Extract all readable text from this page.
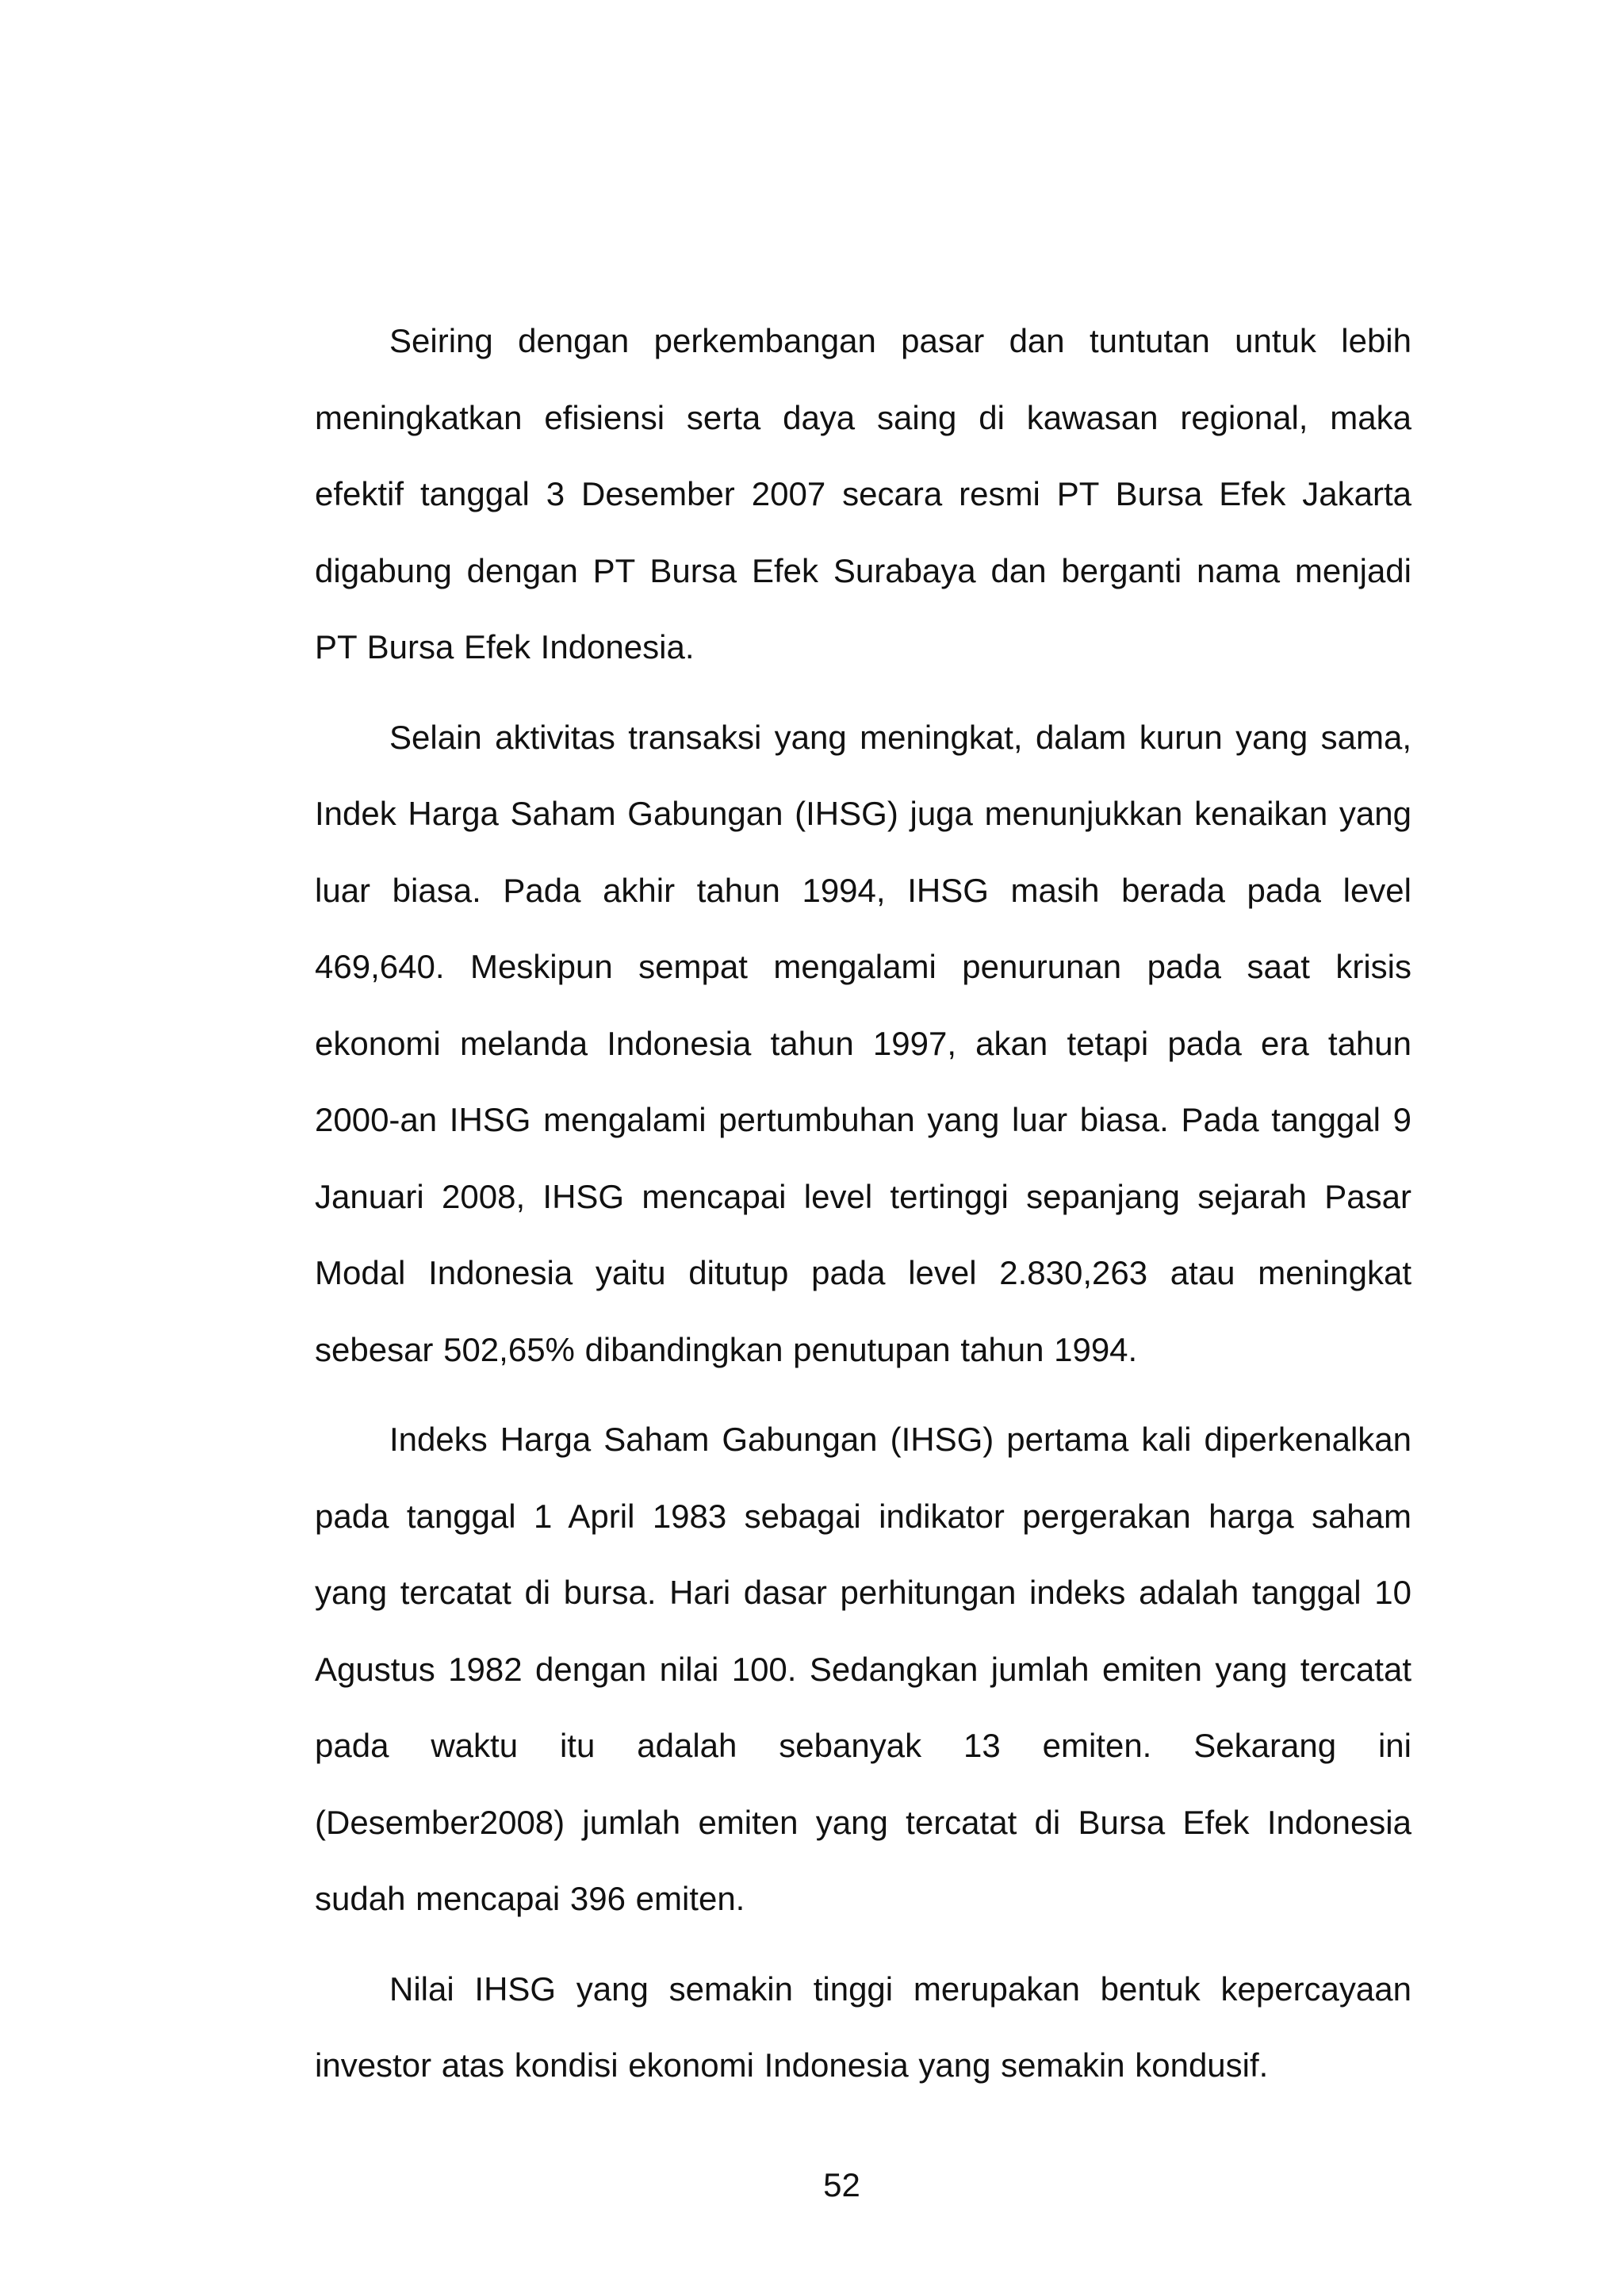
Seiring dengan perkembangan pasar dan tuntutan untuk lebih meningkatkan efisiensi serta daya saing di kawasan regional, maka efektif tanggal 3 Desember 2007 secara resmi PT Bursa Efek Jakarta digabung dengan PT Bursa Efek Surabaya dan berganti nama menjadi PT Bursa Efek Indonesia.

Selain aktivitas transaksi yang meningkat, dalam kurun yang sama, Indek Harga Saham Gabungan (IHSG) juga menunjukkan kenaikan yang luar biasa. Pada akhir tahun 1994, IHSG masih berada pada level 469,640. Meskipun sempat mengalami penurunan pada saat krisis ekonomi melanda Indonesia tahun 1997, akan tetapi pada era tahun 2000-an IHSG mengalami pertumbuhan yang luar biasa. Pada tanggal 9 Januari 2008, IHSG mencapai level tertinggi sepanjang sejarah Pasar Modal Indonesia yaitu ditutup pada level 2.830,263 atau meningkat sebesar 502,65% dibandingkan penutupan tahun 1994.

Indeks Harga Saham Gabungan (IHSG) pertama kali diperkenalkan pada tanggal 1 April 1983 sebagai indikator pergerakan harga saham yang tercatat di bursa. Hari dasar perhitungan indeks adalah tanggal 10 Agustus 1982 dengan nilai 100. Sedangkan jumlah emiten yang tercatat pada waktu itu adalah sebanyak 13 emiten. Sekarang ini (Desember2008) jumlah emiten yang tercatat di Bursa Efek Indonesia sudah mencapai 396 emiten.

Nilai IHSG yang semakin tinggi merupakan bentuk kepercayaan investor atas kondisi ekonomi Indonesia yang semakin kondusif.

52
